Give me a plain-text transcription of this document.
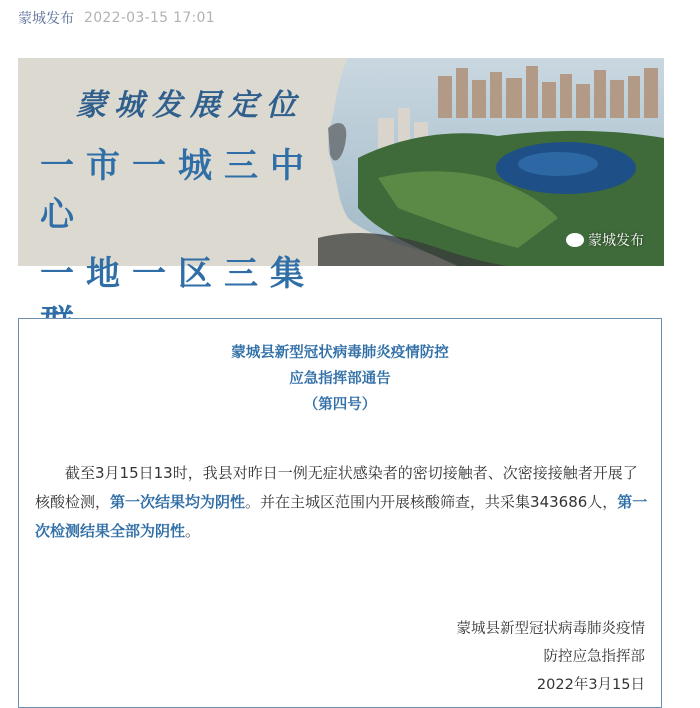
蒙城发布 2022-03-15 17:01
蒙城发展定位
一市一城三中心
一地一区三集
蒙城发布
蒙城县新型冠状病毒肺炎疫情防控
应急指挥部通告
（第四号）
截至3月15日13时，我县对昨日一例无症状感染者的密切接触者、次密接接触者开展了核酸检测，第一次结果均为阴性。并在主城区范围内开展核酸筛查，共采集343686人，第一次检测结果全部为阴性。
蒙城县新型冠状病毒肺炎疫情
防控应急指挥部
2022年3月15日
